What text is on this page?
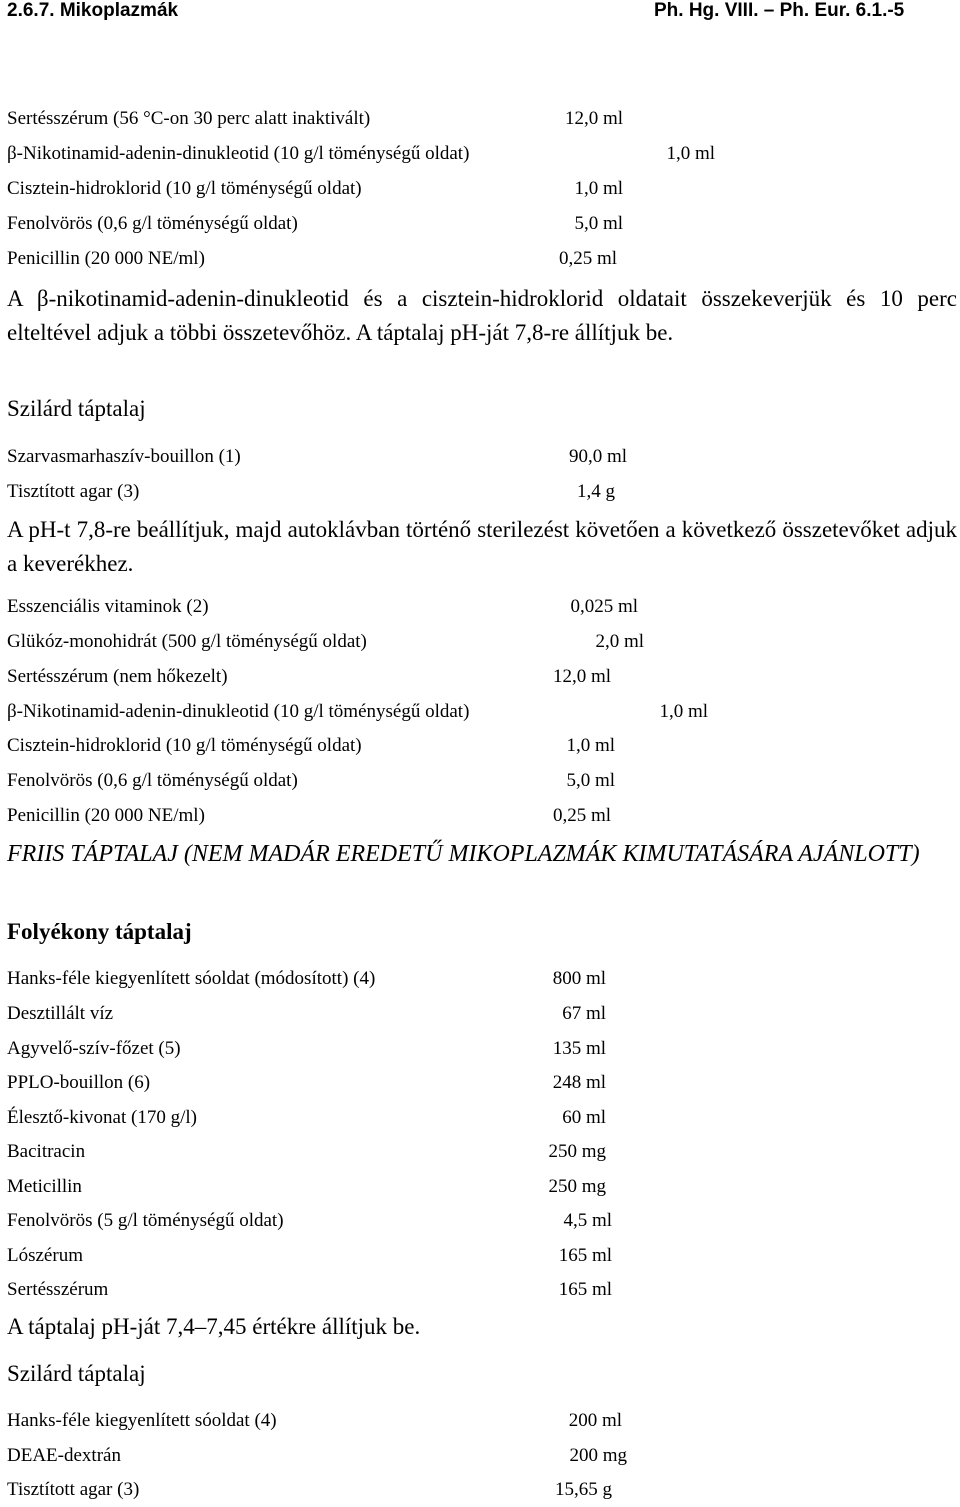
2.6.7. Mikoplazmák	Ph. Hg. VIII. – Ph. Eur. 6.1.-5
Sertésszérum (56 °C-on 30 perc alatt inaktivált)	12,0 ml
β-Nikotinamid-adenin-dinukleotid (10 g/l töménységű oldat)	1,0 ml
Cisztein-hidroklorid (10 g/l töménységű oldat)	1,0 ml
Fenolvörös (0,6 g/l töménységű oldat)	5,0 ml
Penicillin (20 000 NE/ml)	0,25 ml
A β-nikotinamid-adenin-dinukleotid és a cisztein-hidroklorid oldatait összekeverjük és 10 perc elteltével adjuk a többi összetevőhöz. A táptalaj pH-ját 7,8-re állítjuk be.
Szilárd táptalaj
Szarvasmarhaszív-bouillon (1)	90,0 ml
Tisztított agar (3)	1,4 g
A pH-t 7,8-re beállítjuk, majd autoklávban történő sterilezést követően a következő összetevőket adjuk a keverékhez.
Esszenciális vitaminok (2)	0,025 ml
Glükóz-monohidrát (500 g/l töménységű oldat)	2,0 ml
Sertésszérum (nem hőkezelt)	12,0 ml
β-Nikotinamid-adenin-dinukleotid (10 g/l töménységű oldat)	1,0 ml
Cisztein-hidroklorid (10 g/l töménységű oldat)	1,0 ml
Fenolvörös (0,6 g/l töménységű oldat)	5,0 ml
Penicillin (20 000 NE/ml)	0,25 ml
FRIIS TÁPTALAJ (NEM MADÁR EREDETŰ MIKOPLAZMÁK KIMUTATÁSÁRA AJÁNLOTT)
Folyékony táptalaj
Hanks-féle kiegyenlített sóoldat (módosított) (4)	800 ml
Desztillált víz	67 ml
Agyvelő-szív-főzet (5)	135 ml
PPLO-bouillon (6)	248 ml
Élesztő-kivonat (170 g/l)	60 ml
Bacitracin	250 mg
Meticillin	250 mg
Fenolvörös (5 g/l töménységű oldat)	4,5 ml
Lószérum	165 ml
Sertésszérum	165 ml
A táptalaj pH-ját 7,4–7,45 értékre állítjuk be.
Szilárd táptalaj
Hanks-féle kiegyenlített sóoldat (4)	200 ml
DEAE-dextrán	200 mg
Tisztított agar (3)	15,65 g
